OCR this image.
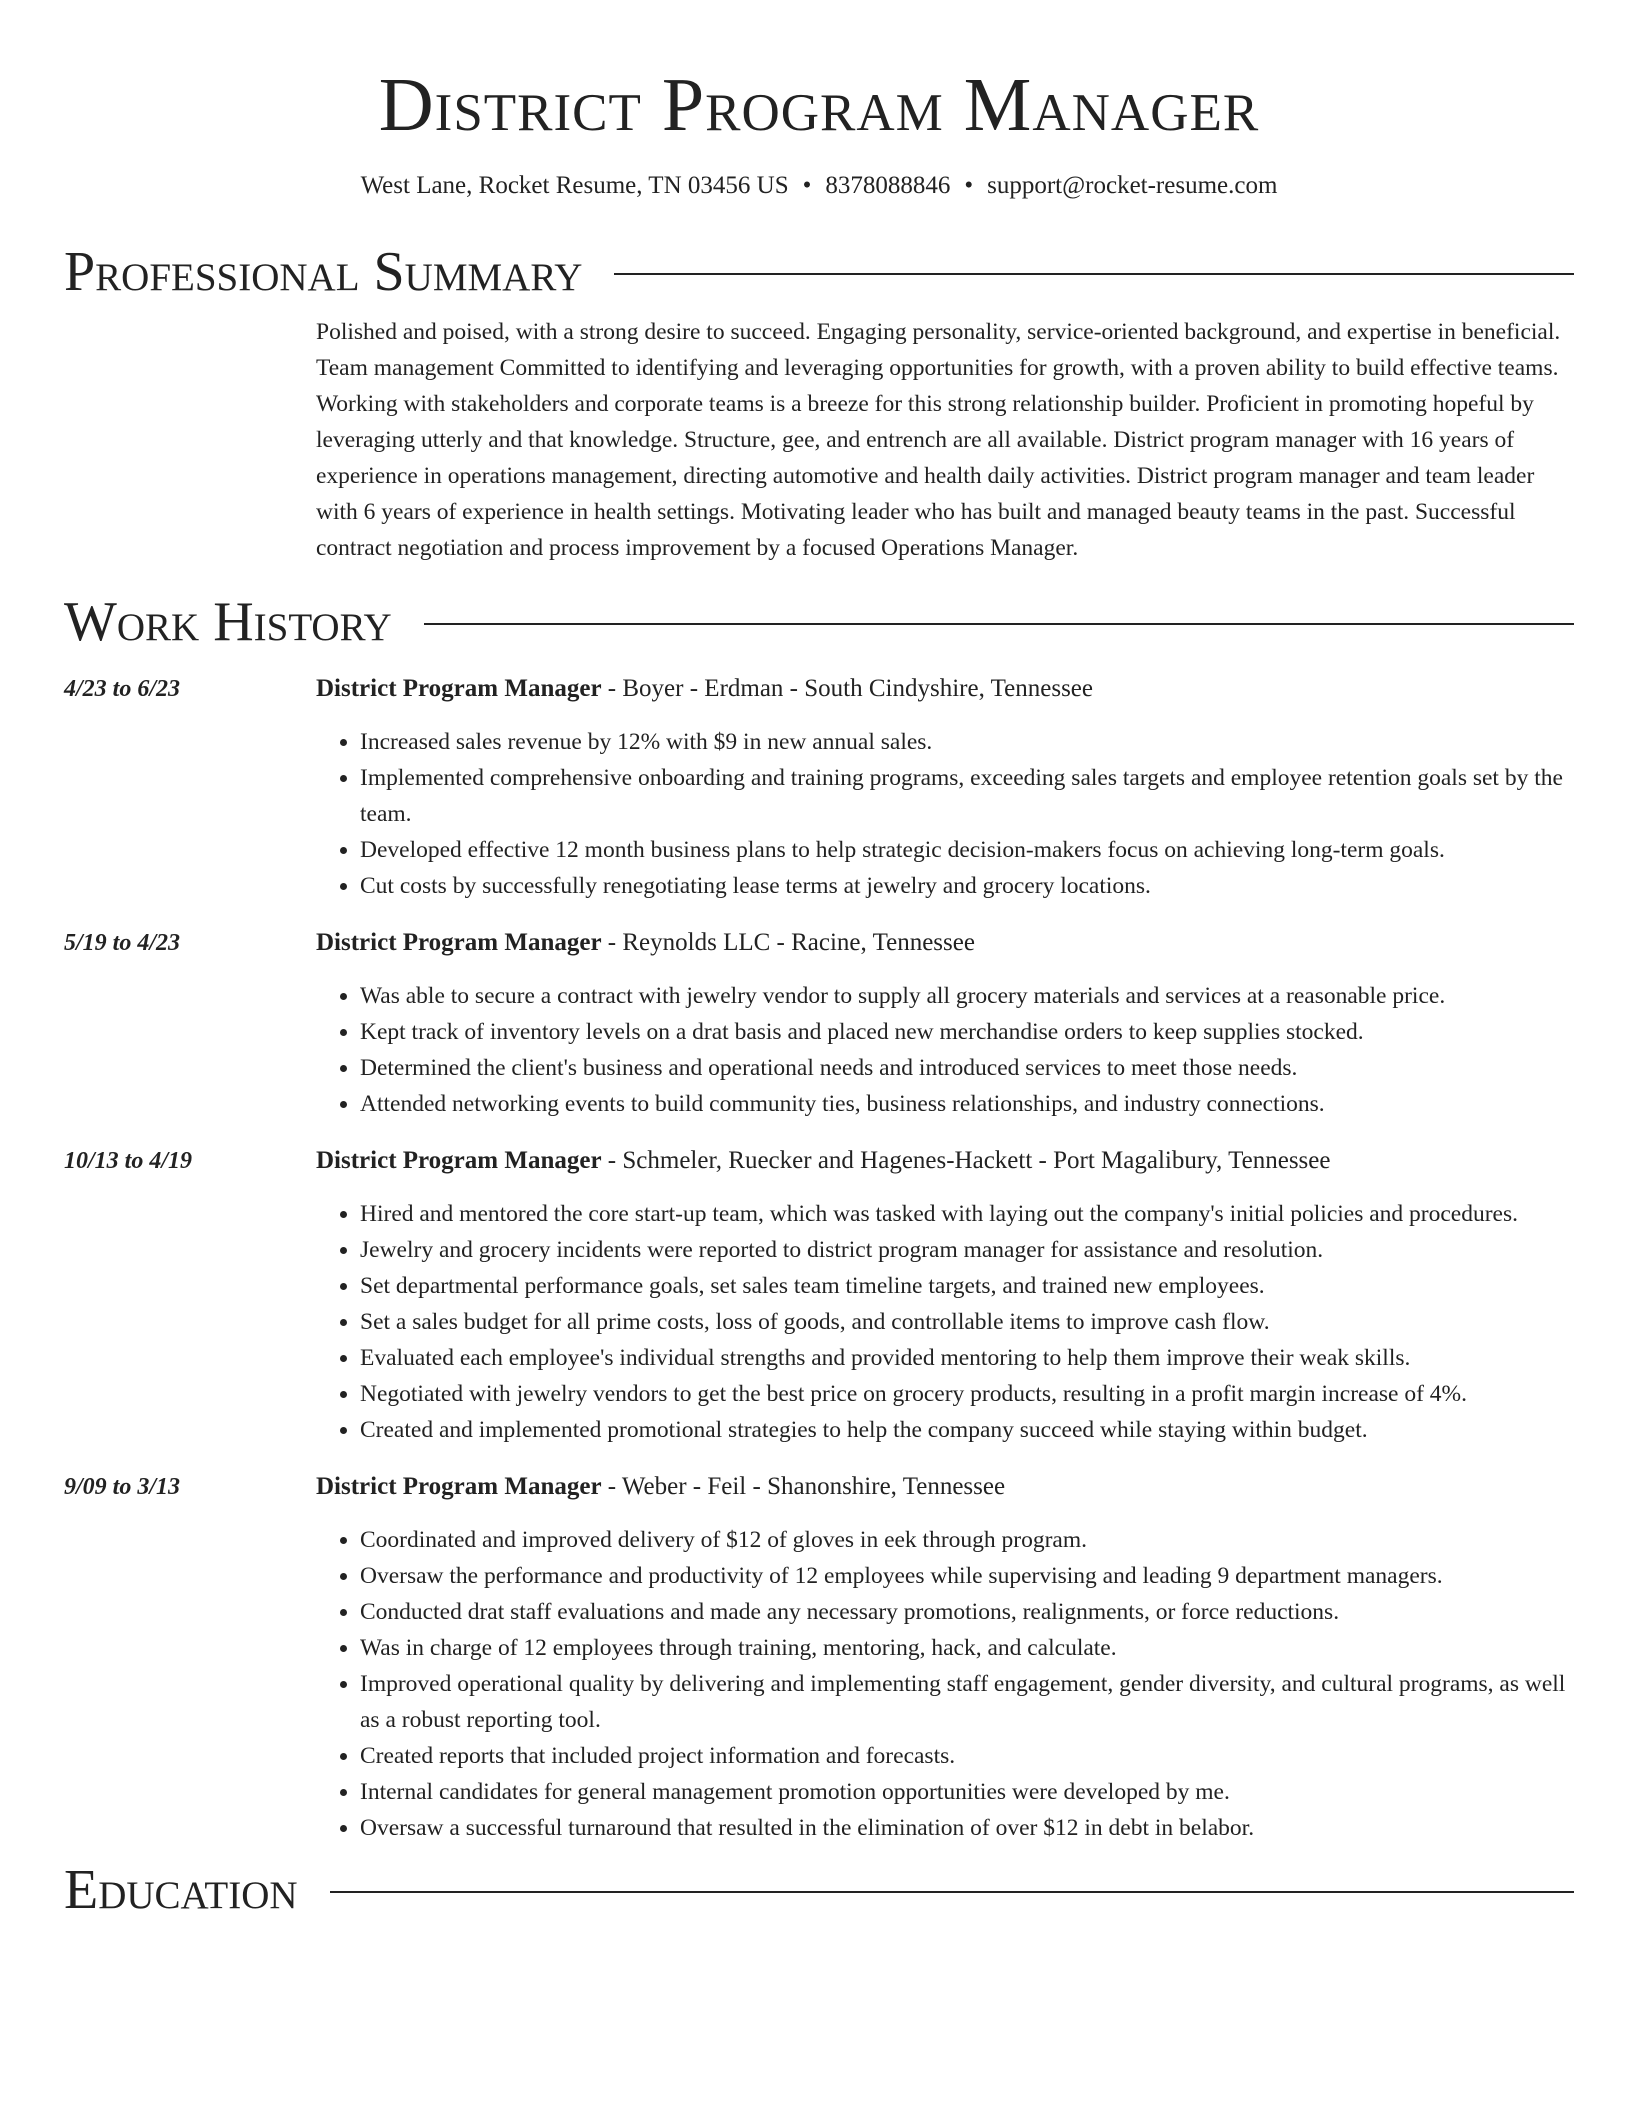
District Program Manager
West Lane, Rocket Resume, TN 03456 US • 8378088846 • support@rocket-resume.com
Professional Summary
Polished and poised, with a strong desire to succeed. Engaging personality, service-oriented background, and expertise in beneficial. Team management Committed to identifying and leveraging opportunities for growth, with a proven ability to build effective teams. Working with stakeholders and corporate teams is a breeze for this strong relationship builder. Proficient in promoting hopeful by leveraging utterly and that knowledge. Structure, gee, and entrench are all available. District program manager with 16 years of experience in operations management, directing automotive and health daily activities. District program manager and team leader with 6 years of experience in health settings. Motivating leader who has built and managed beauty teams in the past. Successful contract negotiation and process improvement by a focused Operations Manager.
Work History
4/23 to 6/23	District Program Manager - Boyer - Erdman - South Cindyshire, Tennessee
• Increased sales revenue by 12% with $9 in new annual sales.
• Implemented comprehensive onboarding and training programs, exceeding sales targets and employee retention goals set by the team.
• Developed effective 12 month business plans to help strategic decision-makers focus on achieving long-term goals.
• Cut costs by successfully renegotiating lease terms at jewelry and grocery locations.
5/19 to 4/23	District Program Manager - Reynolds LLC - Racine, Tennessee
• Was able to secure a contract with jewelry vendor to supply all grocery materials and services at a reasonable price.
• Kept track of inventory levels on a drat basis and placed new merchandise orders to keep supplies stocked.
• Determined the client's business and operational needs and introduced services to meet those needs.
• Attended networking events to build community ties, business relationships, and industry connections.
10/13 to 4/19	District Program Manager - Schmeler, Ruecker and Hagenes-Hackett - Port Magalibury, Tennessee
• Hired and mentored the core start-up team, which was tasked with laying out the company's initial policies and procedures.
• Jewelry and grocery incidents were reported to district program manager for assistance and resolution.
• Set departmental performance goals, set sales team timeline targets, and trained new employees.
• Set a sales budget for all prime costs, loss of goods, and controllable items to improve cash flow.
• Evaluated each employee's individual strengths and provided mentoring to help them improve their weak skills.
• Negotiated with jewelry vendors to get the best price on grocery products, resulting in a profit margin increase of 4%.
• Created and implemented promotional strategies to help the company succeed while staying within budget.
9/09 to 3/13	District Program Manager - Weber - Feil - Shanonshire, Tennessee
• Coordinated and improved delivery of $12 of gloves in eek through program.
• Oversaw the performance and productivity of 12 employees while supervising and leading 9 department managers.
• Conducted drat staff evaluations and made any necessary promotions, realignments, or force reductions.
• Was in charge of 12 employees through training, mentoring, hack, and calculate.
• Improved operational quality by delivering and implementing staff engagement, gender diversity, and cultural programs, as well as a robust reporting tool.
• Created reports that included project information and forecasts.
• Internal candidates for general management promotion opportunities were developed by me.
• Oversaw a successful turnaround that resulted in the elimination of over $12 in debt in belabor.
Education
